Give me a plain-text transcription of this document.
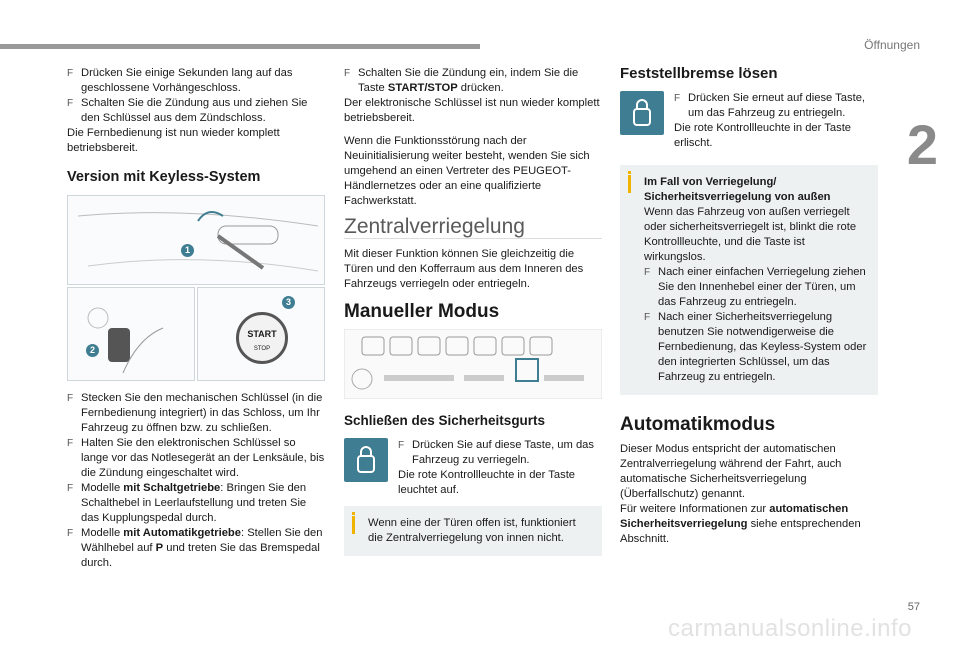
Öffnungen
2
57
carmanualsonline.info

F Drücken Sie einige Sekunden lang auf das geschlossene Vorhängeschloss.

F Schalten Sie die Zündung aus und ziehen Sie den Schlüssel aus dem Zündschloss.

Die Fernbedienung ist nun wieder komplett betriebsbereit.

Version mit Keyless-System
1
2
START
STOP
3

F Stecken Sie den mechanischen Schlüssel (in die Fernbedienung integriert) in das Schloss, um Ihr Fahrzeug zu öffnen bzw. zu schließen.

F Halten Sie den elektronischen Schlüssel so lange vor das Notlesegerät an der Lenksäule, bis die Zündung eingeschaltet wird.

F Modelle mit Schaltgetriebe: Bringen Sie den Schalthebel in Leerlaufstellung und treten Sie das Kupplungspedal durch.

F Modelle mit Automatikgetriebe: Stellen Sie den Wählhebel auf P und treten Sie das Bremspedal durch.

F Schalten Sie die Zündung ein, indem Sie die Taste START/STOP drücken.

Der elektronische Schlüssel ist nun wieder komplett betriebsbereit.

Wenn die Funktionsstörung nach der Neuinitialisierung weiter besteht, wenden Sie sich umgehend an einen Vertreter des PEUGEOT-Händlernetzes oder an eine qualifizierte Fachwerkstatt.

Zentralverriegelung

Mit dieser Funktion können Sie gleichzeitig die Türen und den Kofferraum aus dem Inneren des Fahrzeugs verriegeln oder entriegeln.

Manueller Modus
Schließen des Sicherheitsgurts

F Drücken Sie auf diese Taste, um das Fahrzeug zu verriegeln.

Die rote Kontrollleuchte in der Taste leuchtet auf.

Wenn eine der Türen offen ist, funktioniert die Zentralverriegelung von innen nicht.

Feststellbremse lösen

F Drücken Sie erneut auf diese Taste, um das Fahrzeug zu entriegeln.

Die rote Kontrollleuchte in der Taste erlischt.

Im Fall von Verriegelung/ Sicherheitsverriegelung von außen

Wenn das Fahrzeug von außen verriegelt oder sicherheitsverriegelt ist, blinkt die rote Kontrollleuchte, und die Taste ist wirkungslos.

F Nach einer einfachen Verriegelung ziehen Sie den Innenhebel einer der Türen, um das Fahrzeug zu entriegeln.

F Nach einer Sicherheitsverriegelung benutzen Sie notwendigerweise die Fernbedienung, das Keyless-System oder den integrierten Schlüssel, um das Fahrzeug zu entriegeln.

Automatikmodus

Dieser Modus entspricht der automatischen Zentralverriegelung während der Fahrt, auch automatische Sicherheitsverriegelung (Überfallschutz) genannt.

Für weitere Informationen zur automatischen Sicherheitsverriegelung siehe entsprechenden Abschnitt.
